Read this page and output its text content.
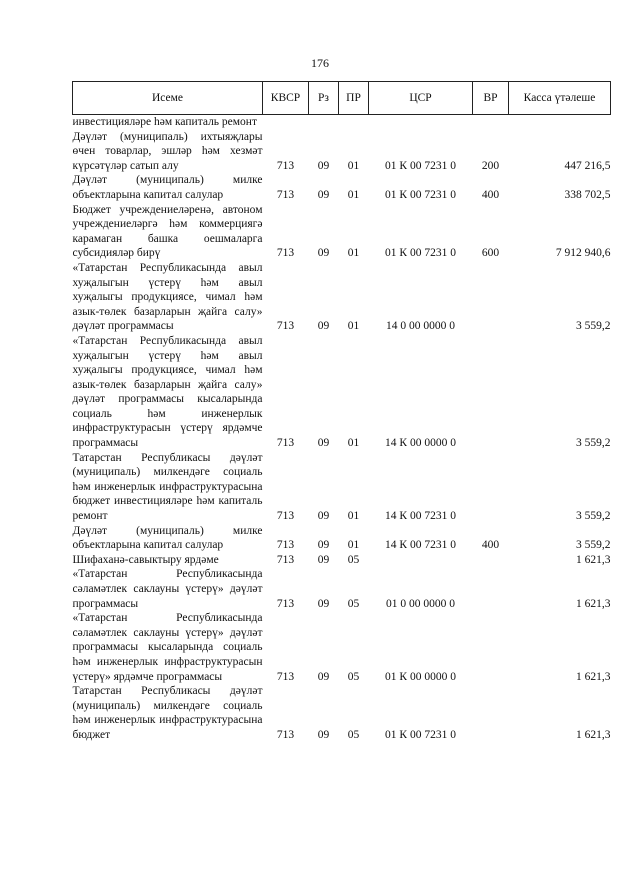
176
Исеме	КВСР	Рз	ПР	ЦСР	ВР	Касса үтәлеше
инвестицияләре һәм капиталь ремонт						
Дәүләт (муниципаль) ихтыяҗлары өчен товарлар, эшләр һәм хезмәт күрсәтүләр сатып алу	713	09	01	01 К 00 7231 0	200	447 216,5
Дәүләт (муниципаль) милке объектларына капитал салулар	713	09	01	01 К 00 7231 0	400	338 702,5
Бюджет учреждениеләренә, автоном учреждениеләргә һәм коммерциягә карамаган башка оешмаларга субсидияләр бирү	713	09	01	01 К 00 7231 0	600	7 912 940,6
«Татарстан Республикасында авыл хуҗалыгын үстерү һәм авыл хуҗалыгы продукциясе, чимал һәм азык-төлек базарларын җайга салу» дәүләт программасы	713	09	01	14 0 00 0000 0		3 559,2
«Татарстан Республикасында авыл хуҗалыгын үстерү һәм авыл хуҗалыгы продукциясе, чимал һәм азык-төлек базарларын җайга салу» дәүләт программасы кысаларында социаль һәм инженерлык инфраструктурасын үстерү ярдәмче программасы	713	09	01	14 К 00 0000 0		3 559,2
Татарстан Республикасы дәүләт (муниципаль) милкендәге социаль һәм инженерлык инфраструктурасына бюджет инвестицияләре һәм капиталь ремонт	713	09	01	14 К 00 7231 0		3 559,2
Дәүләт (муниципаль) милке объектларына капитал салулар	713	09	01	14 К 00 7231 0	400	3 559,2
Шифаханә-савыктыру ярдәме	713	09	05			1 621,3
«Татарстан Республикасында сәламәтлек саклауны үстерү» дәүләт программасы	713	09	05	01 0 00 0000 0		1 621,3
«Татарстан Республикасында сәламәтлек саклауны үстерү» дәүләт программасы кысаларында социаль һәм инженерлык инфраструктурасын үстерү» ярдәмче программасы	713	09	05	01 К 00 0000 0		1 621,3
Татарстан Республикасы дәүләт (муниципаль) милкендәге социаль һәм инженерлык инфраструктурасына бюджет	713	09	05	01 К 00 7231 0		1 621,3
